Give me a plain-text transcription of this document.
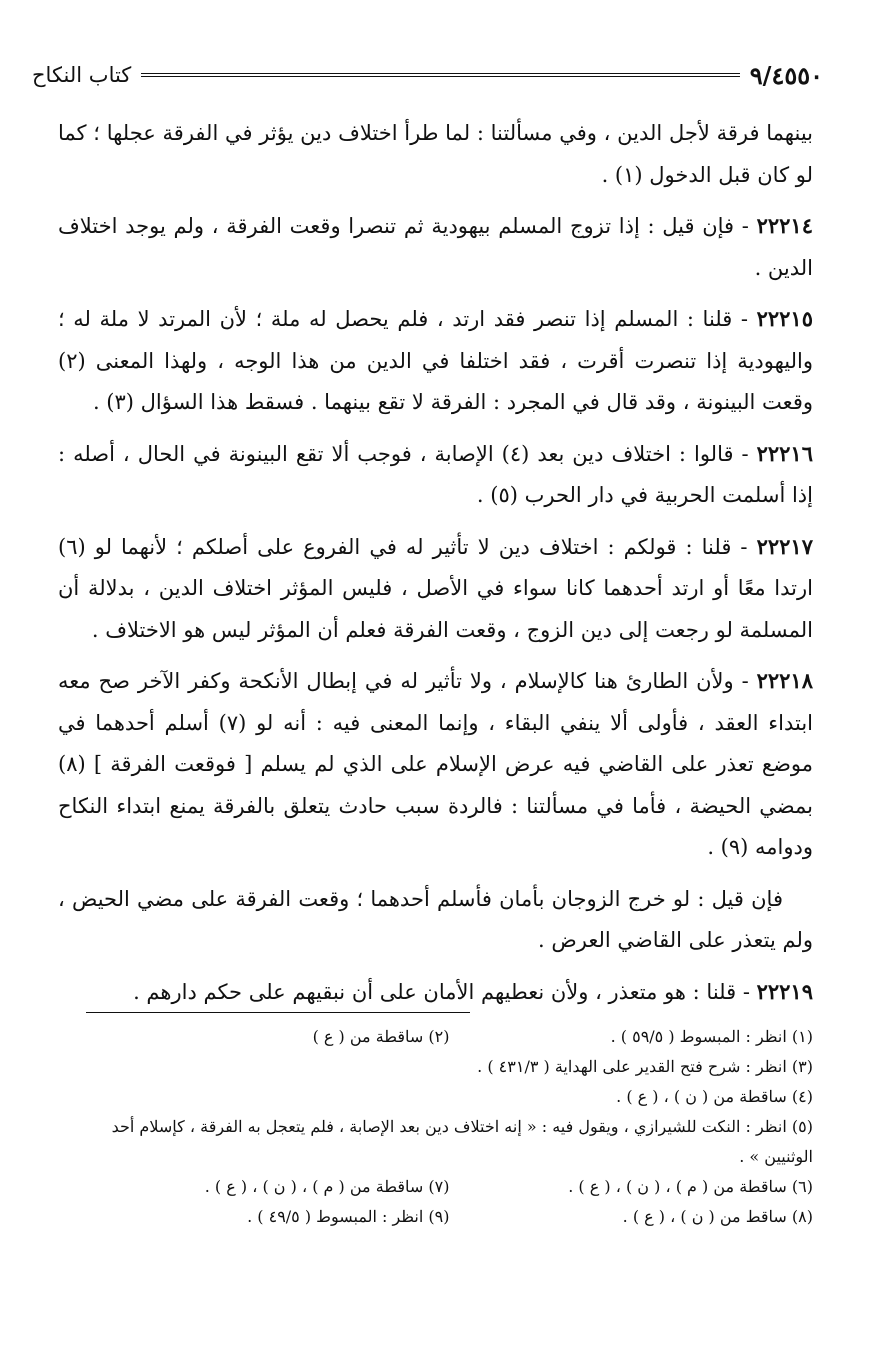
٩/٤٥٥٠
كتاب النكاح

بينهما فرقة لأجل الدين ، وفي مسألتنا : لما طرأ اختلاف دين يؤثر في الفرقة عجلها ؛ كما لو كان قبل الدخول (١) .

٢٢٢١٤ - فإن قيل : إذا تزوج المسلم بيهودية ثم تنصرا وقعت الفرقة ، ولم يوجد اختلاف الدين .

٢٢٢١٥ - قلنا : المسلم إذا تنصر فقد ارتد ، فلم يحصل له ملة ؛ لأن المرتد لا ملة له ؛ واليهودية إذا تنصرت أقرت ، فقد اختلفا في الدين من هذا الوجه ، ولهذا المعنى (٢) وقعت البينونة ، وقد قال في المجرد : الفرقة لا تقع بينهما . فسقط هذا السؤال (٣) .

٢٢٢١٦ - قالوا : اختلاف دين بعد (٤) الإصابة ، فوجب ألا تقع البينونة في الحال ، أصله : إذا أسلمت الحربية في دار الحرب (٥) .

٢٢٢١٧ - قلنا : قولكم : اختلاف دين لا تأثير له في الفروع على أصلكم ؛ لأنهما لو (٦) ارتدا معًا أو ارتد أحدهما كانا سواء في الأصل ، فليس المؤثر اختلاف الدين ، بدلالة أن المسلمة لو رجعت إلى دين الزوج ، وقعت الفرقة فعلم أن المؤثر ليس هو الاختلاف .

٢٢٢١٨ - ولأن الطارئ هنا كالإسلام ، ولا تأثير له في إبطال الأنكحة وكفر الآخر صح معه ابتداء العقد ، فأولى ألا ينفي البقاء ، وإنما المعنى فيه : أنه لو (٧) أسلم أحدهما في موضع تعذر على القاضي فيه عرض الإسلام على الذي لم يسلم [ فوقعت الفرقة ] (٨) بمضي الحيضة ، فأما في مسألتنا : فالردة سبب حادث يتعلق بالفرقة يمنع ابتداء النكاح ودوامه (٩) .

فإن قيل : لو خرج الزوجان بأمان فأسلم أحدهما ؛ وقعت الفرقة على مضي الحيض ، ولم يتعذر على القاضي العرض .

٢٢٢١٩ - قلنا : هو متعذر ، ولأن نعطيهم الأمان على أن نبقيهم على حكم دارهم .

(١) انظر : المبسوط ( ٥٩/٥ ) .
(٢) ساقطة من ( ع )
(٣) انظر : شرح فتح القدير على الهداية ( ٤٣١/٣ ) .
(٤) ساقطة من ( ن ) ، ( ع ) .
(٥) انظر : النكت للشيرازي ، ويقول فيه : « إنه اختلاف دين بعد الإصابة ، فلم يتعجل به الفرقة ، كإسلام أحد الوثنيين » .
(٦) ساقطة من ( م ) ، ( ن ) ، ( ع ) .
(٧) ساقطة من ( م ) ، ( ن ) ، ( ع ) .
(٨) ساقط من ( ن ) ، ( ع ) .
(٩) انظر : المبسوط ( ٤٩/٥ ) .
